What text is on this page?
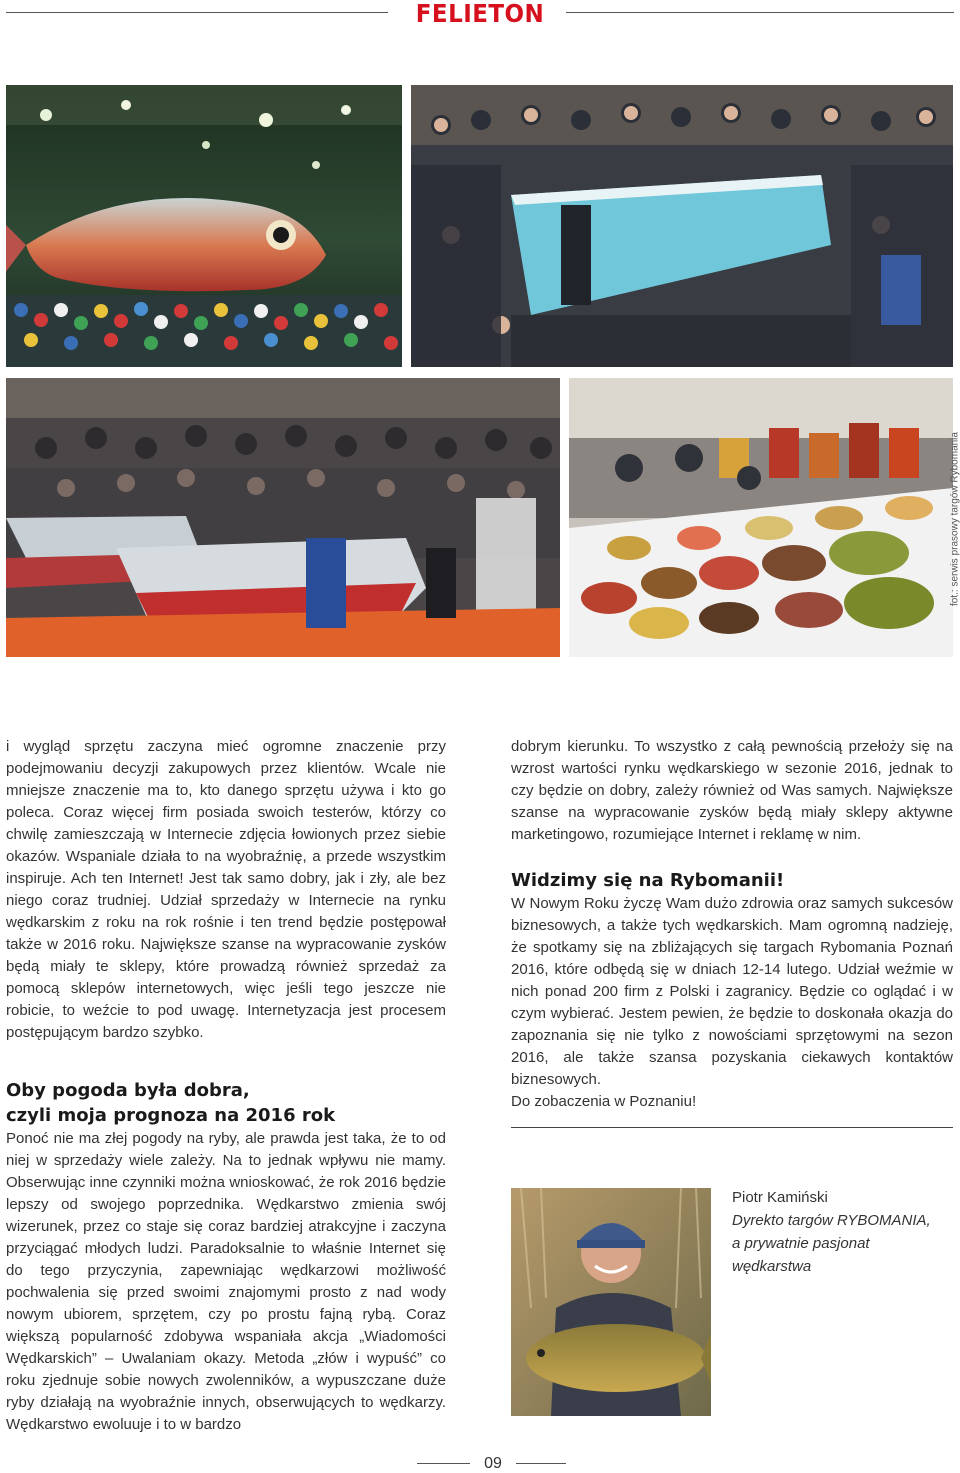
FELIETON
fot.: serwis prasowy targów Rybomania

i wygląd sprzętu zaczyna mieć ogromne znaczenie przy podejmowaniu decyzji zakupowych przez klientów. Wcale nie mniejsze znaczenie ma to, kto danego sprzętu używa i kto go poleca. Coraz więcej firm posiada swoich testerów, którzy co chwilę zamieszczają w Internecie zdjęcia łowionych przez siebie okazów. Wspaniale działa to na wyobraźnię, a przede wszystkim inspiruje. Ach ten Internet! Jest tak samo dobry, jak i zły, ale bez niego coraz trudniej. Udział sprzedaży w Internecie na rynku wędkarskim z roku na rok rośnie i ten trend będzie postępował także w 2016 roku. Największe szanse na wypracowanie zysków będą miały te sklepy, które prowadzą również sprzedaż za pomocą sklepów internetowych, więc jeśli tego jeszcze nie robicie, to weźcie to pod uwagę. Internetyzacja jest procesem postępującym bardzo szybko.

Oby pogoda była dobra,
czyli moja prognoza na 2016 rok

Ponoć nie ma złej pogody na ryby, ale prawda jest taka, że to od niej w sprzedaży wiele zależy. Na to jednak wpływu nie mamy. Obserwując inne czynniki można wnioskować, że rok 2016 będzie lepszy od swojego poprzednika. Wędkarstwo zmienia swój wizerunek, przez co staje się coraz bardziej atrakcyjne i zaczyna przyciągać młodych ludzi. Paradoksalnie to właśnie Internet się do tego przyczynia, zapewniając wędkarzowi możliwość pochwalenia się przed swoimi znajomymi prosto z nad wody nowym ubiorem, sprzętem, czy po prostu fajną rybą. Coraz większą popularność zdobywa wspaniała akcja „Wiadomości Wędkarskich” – Uwalaniam okazy. Metoda „złów i wypuść” co roku zjednuje sobie nowych zwolenników, a wypuszczane duże ryby działają na wyobraźnie innych, obserwujących to wędkarzy. Wędkarstwo ewoluuje i to w bardzo

dobrym kierunku. To wszystko z całą pewnością przełoży się na wzrost wartości rynku wędkarskiego w sezonie 2016, jednak to czy będzie on dobry, zależy również od Was samych. Największe szanse na wypracowanie zysków będą miały sklepy aktywne marketingowo, rozumiejące Internet i reklamę w nim.

Widzimy się na Rybomanii!

W Nowym Roku życzę Wam dużo zdrowia oraz samych sukcesów biznesowych, a także tych wędkarskich. Mam ogromną nadzieję, że spotkamy się na zbliżających się targach Rybomania Poznań 2016, które odbędą się w dniach 12-14 lutego. Udział weźmie w nich ponad 200 firm z Polski i zagranicy. Będzie co oglądać i w czym wybierać. Jestem pewien, że będzie to doskonała okazja do zapoznania się nie tylko z nowościami sprzętowymi na sezon 2016, ale także szansa pozyskania ciekawych kontaktów biznesowych.

Do zobaczenia w Poznaniu!

Piotr Kamiński
Dyrekto targów RYBOMANIA,
a prywatnie pasjonat wędkarstwa
09
